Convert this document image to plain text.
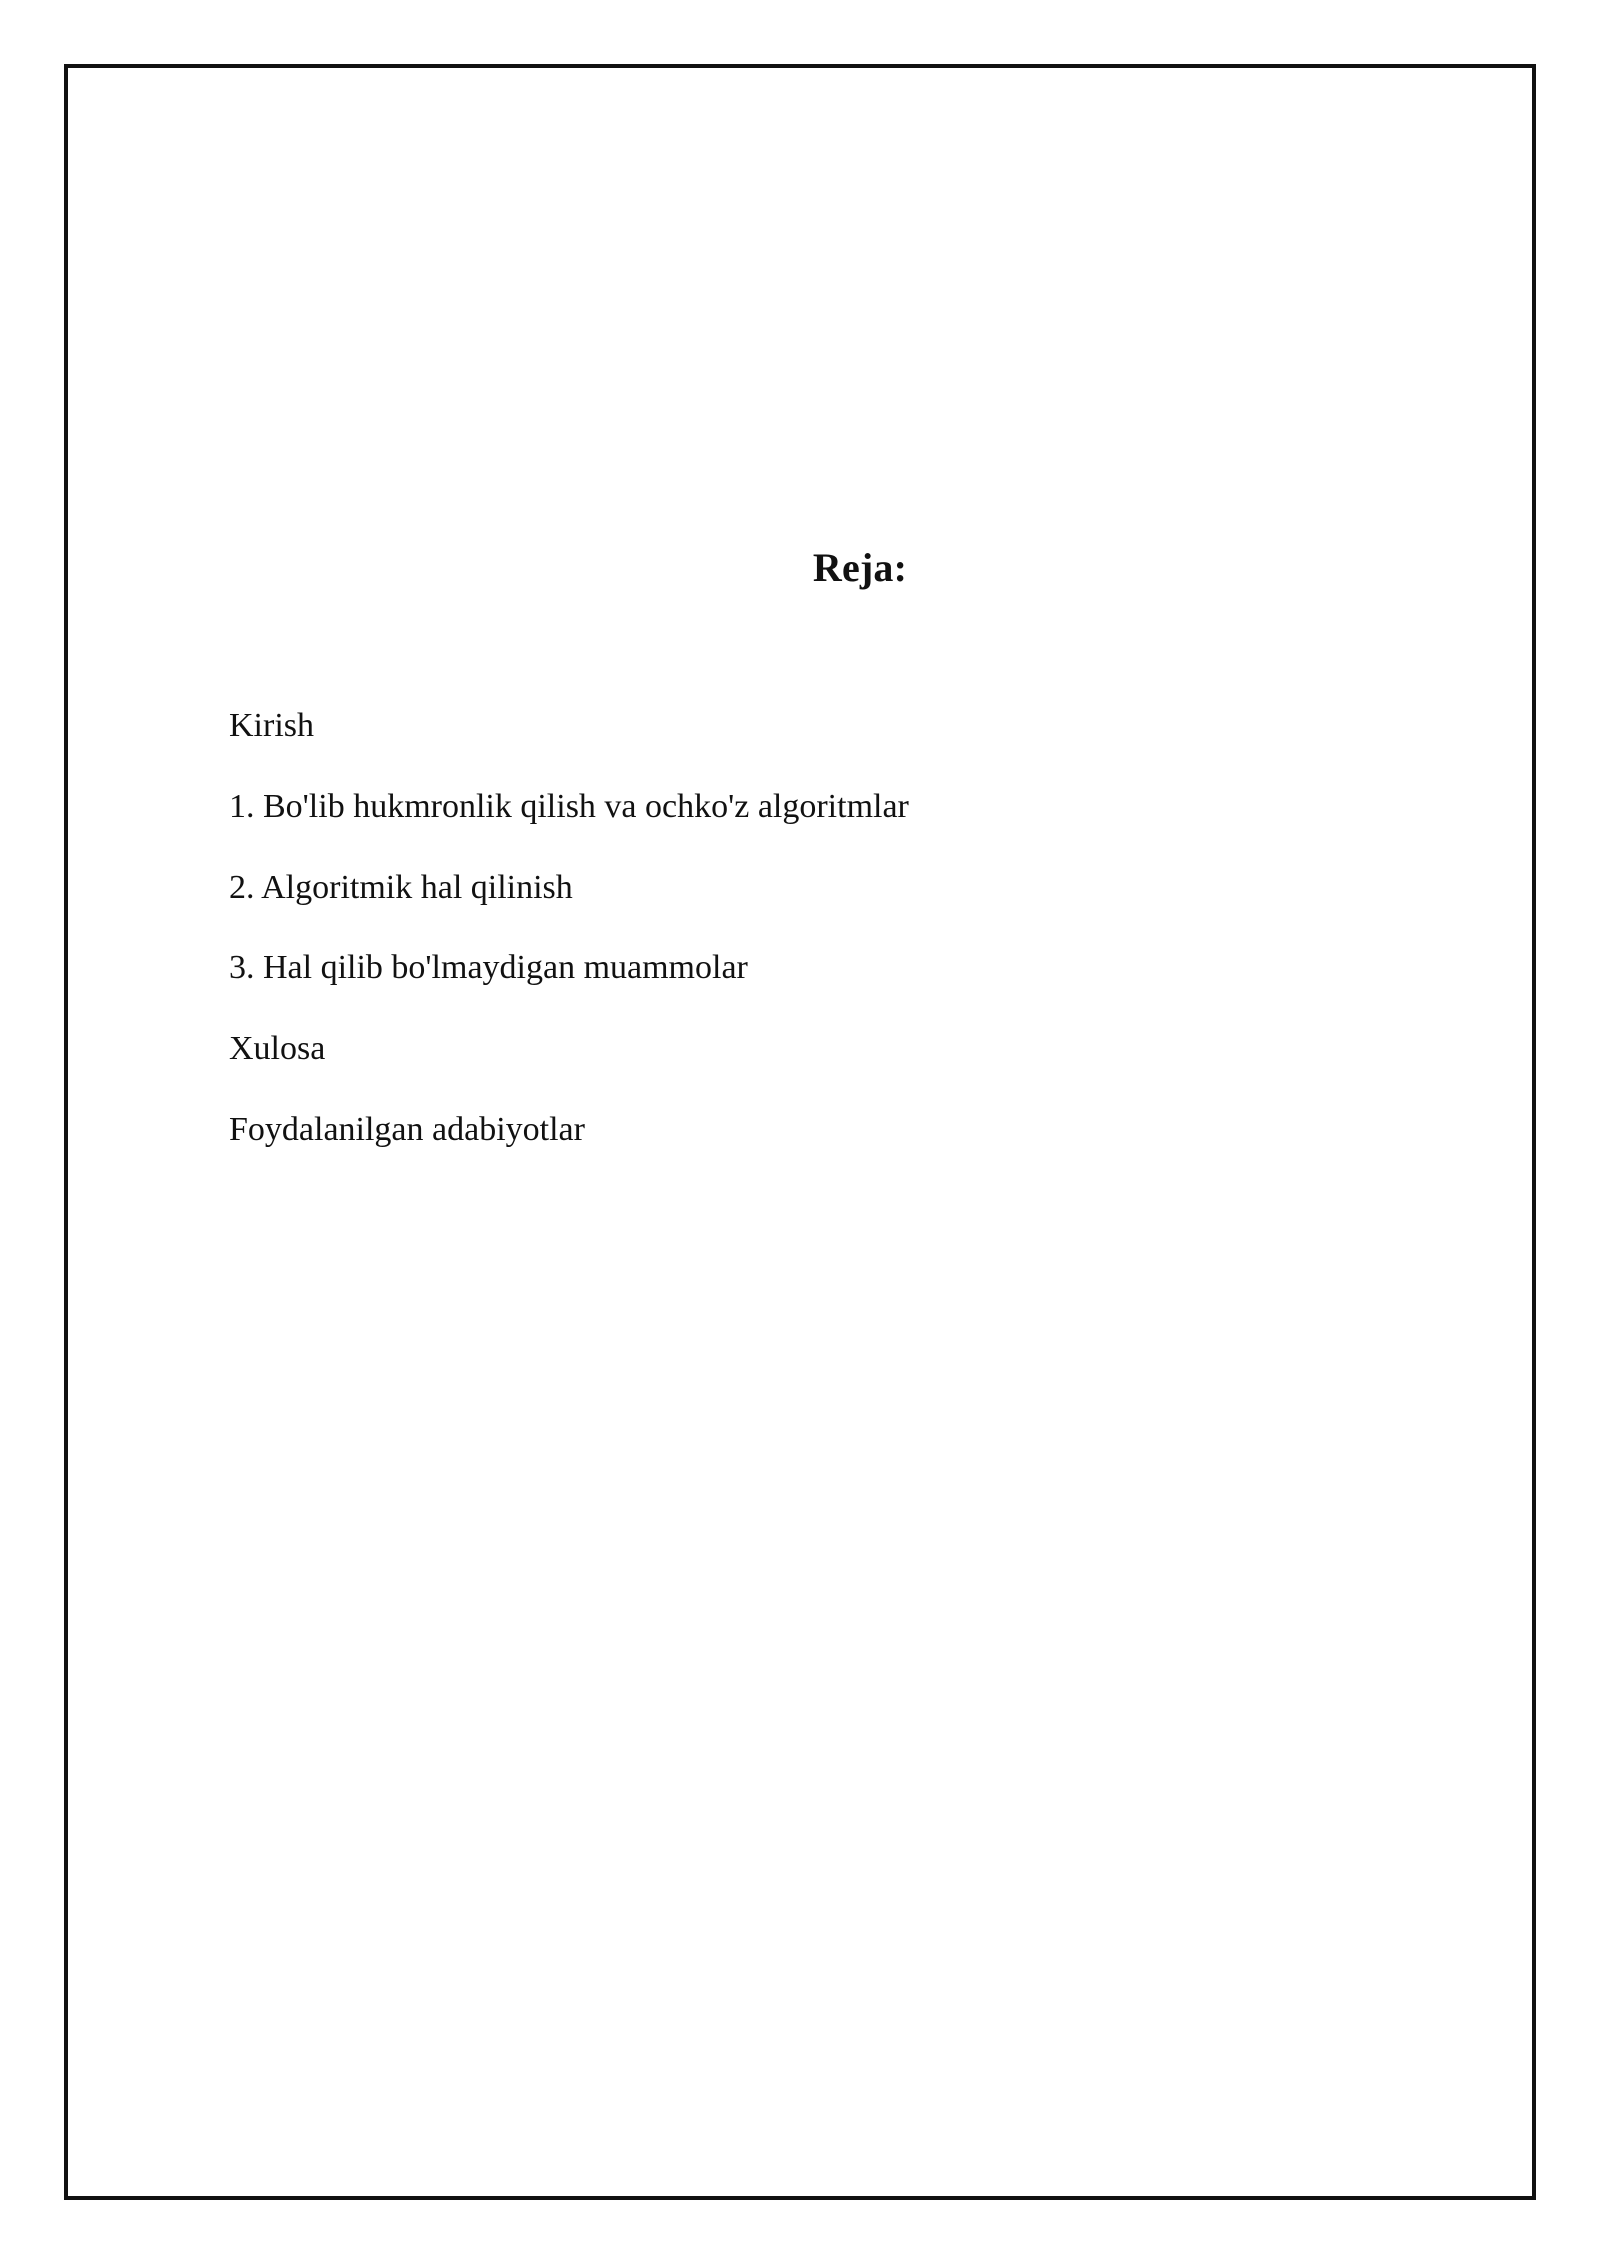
Reja:
Kirish
1. Bo'lib hukmronlik qilish va ochko'z algoritmlar
2. Algoritmik hal qilinish
3. Hal qilib bo'lmaydigan muammolar
Xulosa
Foydalanilgan adabiyotlar
